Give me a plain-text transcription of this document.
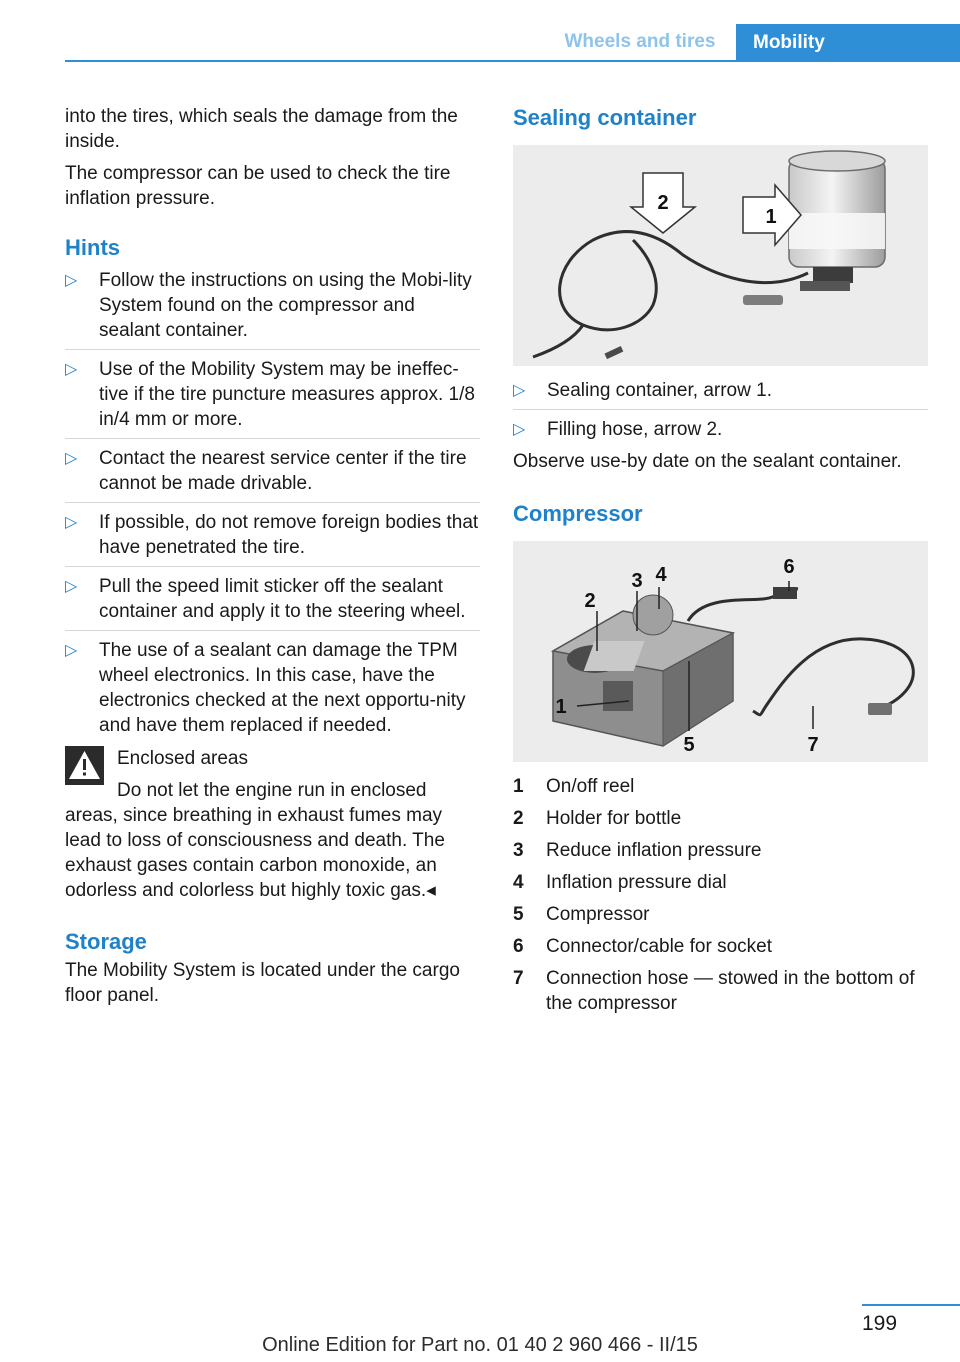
Wheels and tires	Mobility

into the tires, which seals the damage from the inside.

The compressor can be used to check the tire inflation pressure.

Hints
▷ Follow the instructions on using the Mobi-lity System found on the compressor and sealant container.
▷ Use of the Mobility System may be ineffec-tive if the tire puncture measures approx. 1/8 in/4 mm or more.
▷ Contact the nearest service center if the tire cannot be made drivable.
▷ If possible, do not remove foreign bodies that have penetrated the tire.
▷ Pull the speed limit sticker off the sealant container and apply it to the steering wheel.
▷ The use of a sealant can damage the TPM wheel electronics. In this case, have the electronics checked at the next opportu-nity and have them replaced if needed.
Enclosed areas
Do not let the engine run in enclosed
areas, since breathing in exhaust fumes may lead to loss of consciousness and death. The exhaust gases contain carbon monoxide, an odorless and colorless but highly toxic gas.◂
Storage

The Mobility System is located under the cargo floor panel.

Sealing container
2
1
▷ Sealing container, arrow 1.
▷ Filling hose, arrow 2.

Observe use-by date on the sealant container.

Compressor
1
2
3 4
5
6
7
1 On/off reel
2 Holder for bottle
3 Reduce inflation pressure
4 Inflation pressure dial
5 Compressor
6 Connector/cable for socket
7 Connection hose — stowed in the bottom of the compressor
199
Online Edition for Part no. 01 40 2 960 466 - II/15
